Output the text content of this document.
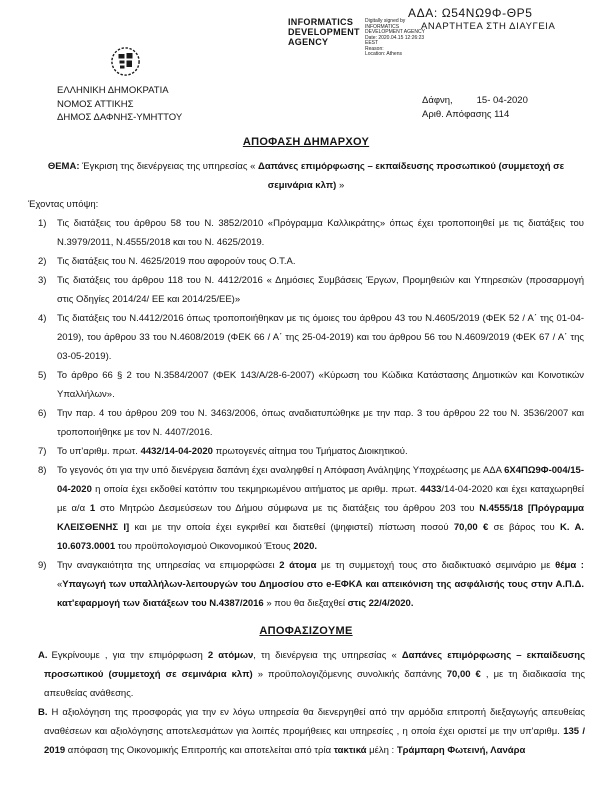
ΑΔΑ: Ω54ΝΩ9Φ-ΘΡ5
ΑΝΑΡΤΗΤΕΑ ΣΤΗ ΔΙΑΥΓΕΙΑ
INFORMATICS DEVELOPMENT AGENCY
Digitally signed by
INFORMATICS
DEVELOPMENT AGENCY
Date: 2020.04.15 12:26:23
EEST
Reason:
Location: Athens
ΕΛΛΗΝΙΚΗ ΔΗΜΟΚΡΑΤΙΑ
ΝΟΜΟΣ ΑΤΤΙΚΗΣ
ΔΗΜΟΣ ΔΑΦΝΗΣ-ΥΜΗΤΤΟΥ
Δάφνη,	15- 04-2020
Αριθ. Απόφασης 114
ΑΠΟΦΑΣΗ ΔΗΜΑΡΧΟΥ
ΘΕΜΑ: Έγκριση της διενέργειας της υπηρεσίας « Δαπάνες επιμόρφωσης – εκπαίδευσης προσωπικού (συμμετοχή σε σεμινάρια κλπ) »
Έχοντας υπόψη:
1) Τις διατάξεις του άρθρου 58 του Ν. 3852/2010 «Πρόγραμμα Καλλικράτης» όπως έχει τροποποιηθεί με τις διατάξεις του Ν.3979/2011, Ν.4555/2018 και του Ν. 4625/2019.
2) Τις διατάξεις του Ν. 4625/2019 που αφορούν τους Ο.Τ.Α.
3) Τις διατάξεις του άρθρου 118 του Ν. 4412/2016 « Δημόσιες Συμβάσεις Έργων, Προμηθειών και Υπηρεσιών (προσαρμογή στις Οδηγίες 2014/24/ ΕΕ και 2014/25/ΕΕ)»
4) Τις διατάξεις του Ν.4412/2016 όπως τροποποιήθηκαν με τις όμοιες του άρθρου 43 του Ν.4605/2019 (ΦΕΚ 52 / Α΄ της 01-04-2019), του άρθρου 33 του Ν.4608/2019 (ΦΕΚ 66 / Α΄ της 25-04-2019) και του άρθρου 56 του Ν.4609/2019 (ΦΕΚ 67 / Α΄ της 03-05-2019).
5) Το άρθρο 66 § 2 του Ν.3584/2007 (ΦΕΚ 143/Α/28-6-2007) «Κύρωση του Κώδικα Κατάστασης Δημοτικών και Κοινοτικών Υπαλλήλων».
6) Την παρ. 4 του άρθρου 209 του Ν. 3463/2006, όπως αναδιατυπώθηκε με την παρ. 3 του άρθρου 22 του Ν. 3536/2007 και τροποποιήθηκε με τον Ν. 4407/2016.
7) Το υπ'αριθμ. πρωτ. 4432/14-04-2020 πρωτογενές αίτημα του Τμήματος Διοικητικού.
8) Το γεγονός ότι για την υπό διενέργεια δαπάνη έχει αναληφθεί η Απόφαση Ανάληψης Υποχρέωσης με ΑΔΑ 6Χ4ΠΩ9Φ-004/15-04-2020 η οποία έχει εκδοθεί κατόπιν του τεκμηριωμένου αιτήματος με αριθμ. πρωτ. 4433/14-04-2020 και έχει καταχωρηθεί με α/α 1 στο Μητρώο Δεσμεύσεων του Δήμου σύμφωνα με τις διατάξεις του άρθρου 203 του Ν.4555/18 [Πρόγραμμα ΚΛΕΙΣΘΕΝΗΣ Ι] και με την οποία έχει εγκριθεί και διατεθεί (ψηφιστεί) πίστωση ποσού 70,00 € σε βάρος του Κ. Α. 10.6073.0001 του προϋπολογισμού Οικονομικού Έτους 2020.
9) Την αναγκαιότητα της υπηρεσίας να επιμορφώσει 2 άτομα με τη συμμετοχή τους στο διαδικτυακό σεμινάριο με θέμα : «Υπαγωγή των υπαλλήλων-λειτουργών του Δημοσίου στο e-ΕΦΚΑ και απεικόνιση της ασφάλισής τους στην Α.Π.Δ. κατ'εφαρμογή των διατάξεων του Ν.4387/2016 » που θα διεξαχθεί στις 22/4/2020.
ΑΠΟΦΑΣΙΖΟΥΜΕ
Α. Εγκρίνουμε , για την επιμόρφωση 2 ατόμων, τη διενέργεια της υπηρεσίας « Δαπάνες επιμόρφωσης – εκπαίδευσης προσωπικού (συμμετοχή σε σεμινάρια κλπ) » προϋπολογιζόμενης συνολικής δαπάνης 70,00 € , με τη διαδικασία της απευθείας ανάθεσης.
Β. Η αξιολόγηση της προσφοράς για την εν λόγω υπηρεσία θα διενεργηθεί από την αρμόδια επιτροπή διεξαγωγής απευθείας αναθέσεων και αξιολόγησης αποτελεσμάτων για λοιπές προμήθειες και υπηρεσίες , η οποία έχει οριστεί με την υπ'αριθμ. 135 / 2019 απόφαση της Οικονομικής Επιτροπής και αποτελείται από τρία τακτικά μέλη : Τράμπαρη Φωτεινή, Λανάρα
